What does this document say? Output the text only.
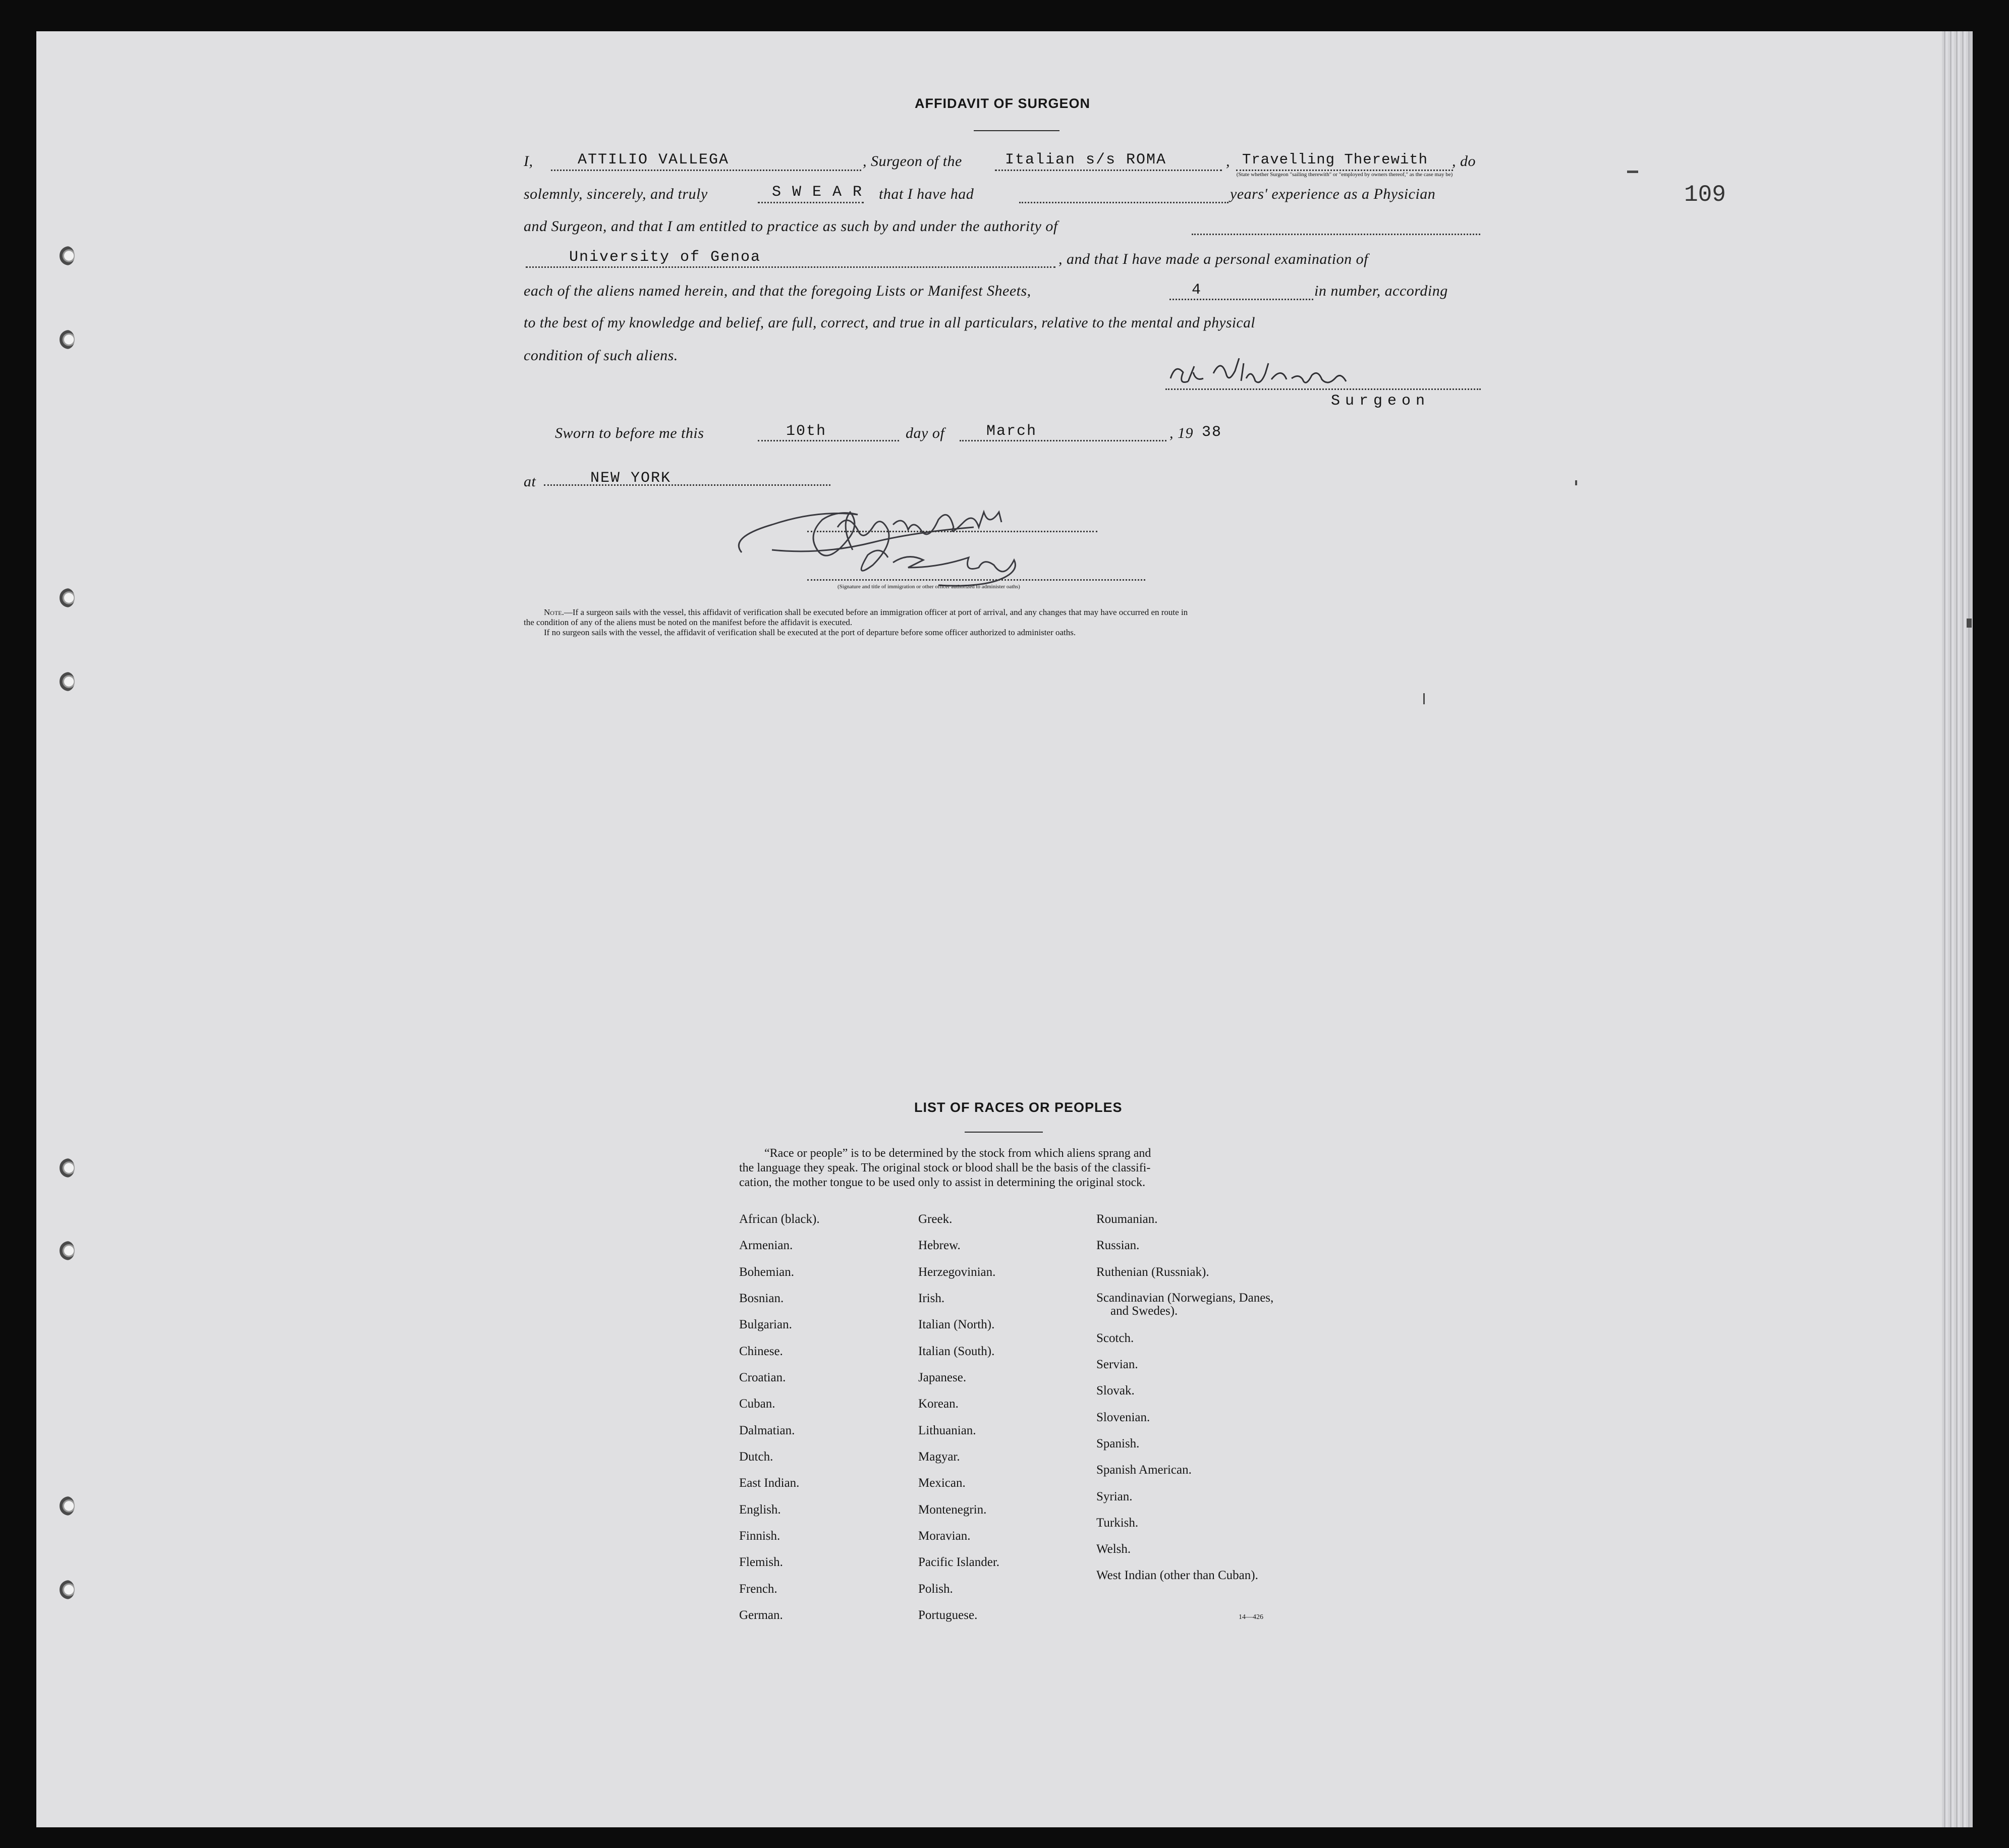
109
AFFIDAVIT OF SURGEON
I,	ATTILIO VALLEGA	, Surgeon of the	Italian s/s ROMA	, Travelling Therewith , do
(State whether Surgeon "sailing therewith" or "employed by owners thereof," as the case may be)
solemnly, sincerely, and truly	S W E A R that I have had	years' experience as a Physician
and Surgeon, and that I am entitled to practice as such by and under the authority of
University of Genoa	, and that I have made a personal examination of
each of the aliens named herein, and that the foregoing Lists or Manifest Sheets,	4	in number, according
to the best of my knowledge and belief, are full, correct, and true in all particulars, relative to the mental and physical
condition of such aliens.
Surgeon
Sworn to before me this	10th	day of	March	, 19 38
at	NEW YORK
(Signature and title of immigration or other officer authorized to administer oaths)
Note.—If a surgeon sails with the vessel, this affidavit of verification shall be executed before an immigration officer at port of arrival, and any changes that may have occurred en route in
the condition of any of the aliens must be noted on the manifest before the affidavit is executed.
If no surgeon sails with the vessel, the affidavit of verification shall be executed at the port of departure before some officer authorized to administer oaths.
LIST OF RACES OR PEOPLES
“Race or people” is to be determined by the stock from which aliens sprang and
the language they speak. The original stock or blood shall be the basis of the classifi-
cation, the mother tongue to be used only to assist in determining the original stock.
African (black).
Armenian.
Bohemian.
Bosnian.
Bulgarian.
Chinese.
Croatian.
Cuban.
Dalmatian.
Dutch.
East Indian.
English.
Finnish.
Flemish.
French.
German.
Greek.
Hebrew.
Herzegovinian.
Irish.
Italian (North).
Italian (South).
Japanese.
Korean.
Lithuanian.
Magyar.
Mexican.
Montenegrin.
Moravian.
Pacific Islander.
Polish.
Portuguese.
Roumanian.
Russian.
Ruthenian (Russniak).
Scandinavian (Norwegians, Danes, and Swedes).
Scotch.
Servian.
Slovak.
Slovenian.
Spanish.
Spanish American.
Syrian.
Turkish.
Welsh.
West Indian (other than Cuban).
14—426
